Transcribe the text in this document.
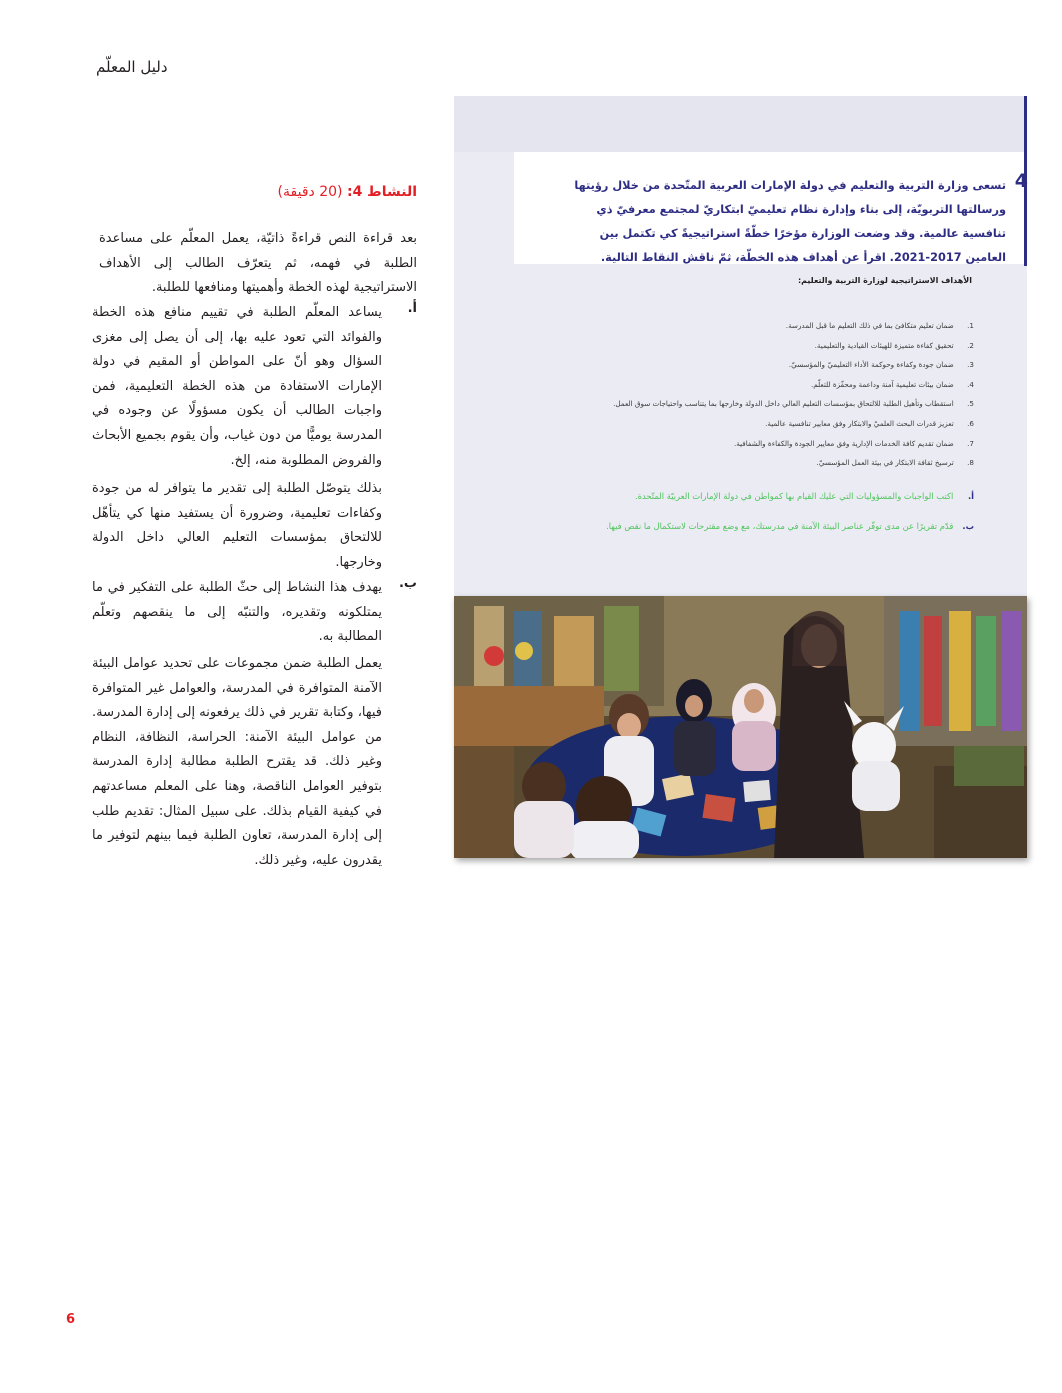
دليل المعلّم
4
تسعى وزارة التربية والتعليم في دولة الإمارات العربية المتّحدة من خلال رؤيتها ورسالتها التربويّة، إلى بناء وإدارة نظام تعليميّ ابتكاريّ لمجتمع معرفيّ ذي تنافسية عالمية. وقد وضعت الوزارة مؤخرًا خطّةً استراتيجيةً كي تكتمل بين العامين 2017-2021. اقرأ عن أهداف هذه الخطّة، ثمّ ناقش النقاط التالية.
الأهداف الاستراتيجية لوزارة التربية والتعليم:
1. ضمان تعليم متكافئ بما في ذلك التعليم ما قبل المدرسة.
2. تحقيق كفاءة متميزة للهيئات القيادية والتعليمية.
3. ضمان جودة وكفاءة وحوكمة الأداء التعليميّ والمؤسسيّ.
4. ضمان بيئات تعليمية آمنة وداعمة ومحفّزة للتعلّم.
5. استقطاب وتأهيل الطلبة للالتحاق بمؤسسات التعليم العالي داخل الدولة وخارجها بما يتناسب واحتياجات سوق العمل.
6. تعزيز قدرات البحث العلميّ والابتكار وفق معايير تنافسية عالمية.
7. ضمان تقديم كافة الخدمات الإدارية وفق معايير الجودة والكفاءة والشفافية.
8. ترسيخ ثقافة الابتكار في بيئة العمل المؤسسيّ.
أ. اكتب الواجبات والمسؤوليات التي عليك القيام بها كمواطن في دولة الإمارات العربيّة المتّحدة.
ب. قدّم تقريرًا عن مدى توفّر عناصر البيئة الآمنة في مدرستك، مع وضع مقترحات لاستكمال ما نقص فيها.
النشاط 4: (20 دقيقة)
بعد قراءة النص قراءةً ذاتيّة، يعمل المعلّم على مساعدة الطلبة في فهمه، ثم يتعرّف الطالب إلى الأهداف الاستراتيجية لهذه الخطة وأهميتها ومنافعها للطلبة.
أ.
يساعد المعلّم الطلبة في تقييم منافع هذه الخطة والفوائد التي تعود عليه بها، إلى أن يصل إلى مغزى السؤال وهو أنّ على المواطن أو المقيم في دولة الإمارات الاستفادة من هذه الخطة التعليمية، فمن واجبات الطالب أن يكون مسؤولًا عن وجوده في المدرسة يوميًّا من دون غياب، وأن يقوم بجميع الأبحاث والفروض المطلوبة منه، إلخ.
بذلك يتوصّل الطلبة إلى تقدير ما يتوافر له من جودة وكفاءات تعليمية، وضرورة أن يستفيد منها كي يتأهّل للالتحاق بمؤسسات التعليم العالي داخل الدولة وخارجها.
ب.
يهدف هذا النشاط إلى حثّ الطلبة على التفكير في ما يمتلكونه وتقديره، والتنبّه إلى ما ينقصهم وتعلّم المطالبة به.
يعمل الطلبة ضمن مجموعات على تحديد عوامل البيئة الآمنة المتوافرة في المدرسة، والعوامل غير المتوافرة فيها، وكتابة تقرير في ذلك يرفعونه إلى إدارة المدرسة. من عوامل البيئة الآمنة: الحراسة، النظافة، النظام وغير ذلك. قد يقترح الطلبة مطالبة إدارة المدرسة بتوفير العوامل الناقصة، وهنا على المعلم مساعدتهم في كيفية القيام بذلك. على سبيل المثال: تقديم طلب إلى إدارة المدرسة، تعاون الطلبة فيما بينهم لتوفير ما يقدرون عليه، وغير ذلك.
6
